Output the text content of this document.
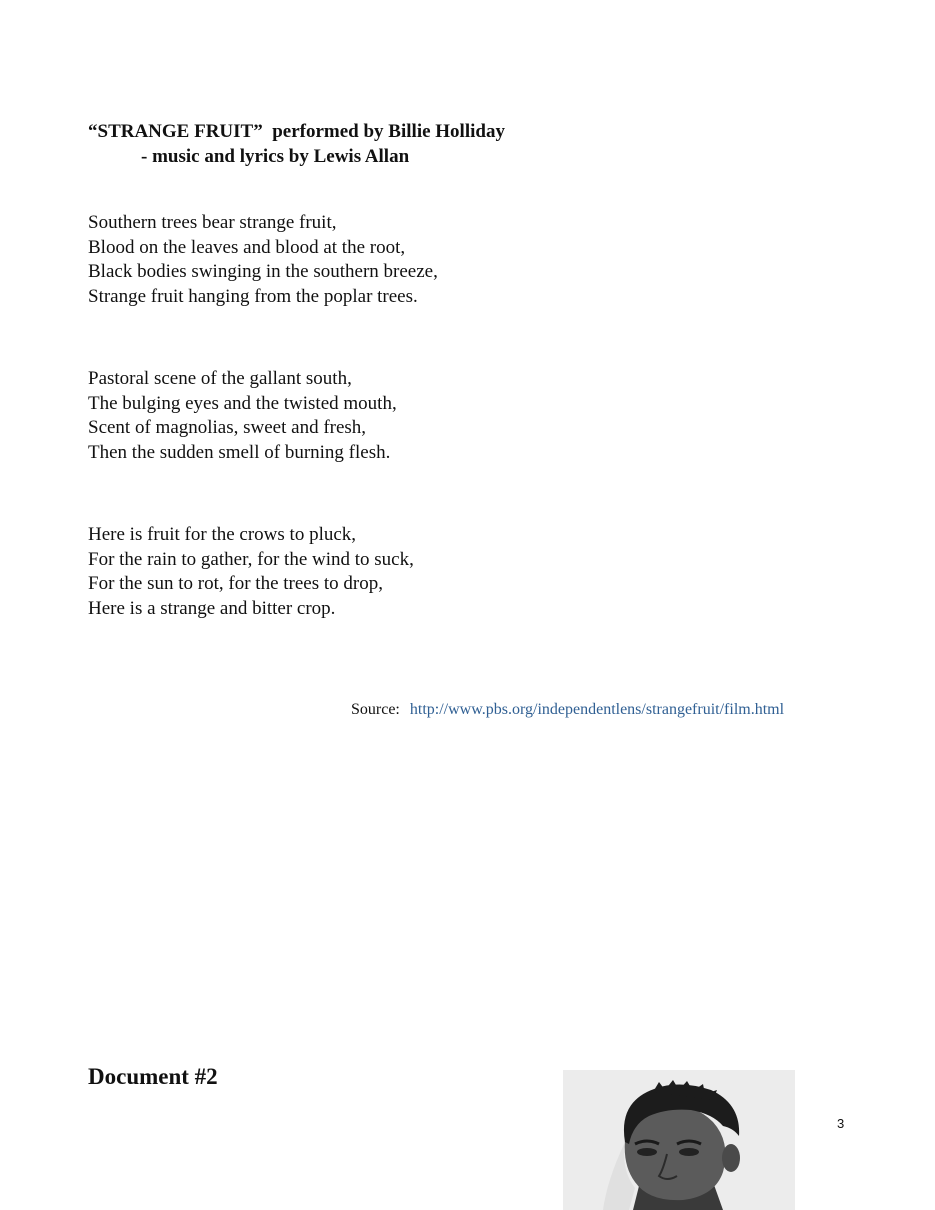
“STRANGE FRUIT”  performed by Billie Holliday
- music and lyrics by Lewis Allan
Southern trees bear strange fruit,
Blood on the leaves and blood at the root,
Black bodies swinging in the southern breeze,
Strange fruit hanging from the poplar trees.
Pastoral scene of the gallant south,
The bulging eyes and the twisted mouth,
Scent of magnolias, sweet and fresh,
Then the sudden smell of burning flesh.
Here is fruit for the crows to pluck,
For the rain to gather, for the wind to suck,
For the sun to rot, for the trees to drop,
Here is a strange and bitter crop.
Source: http://www.pbs.org/independentlens/strangefruit/film.html
Document #2
3
